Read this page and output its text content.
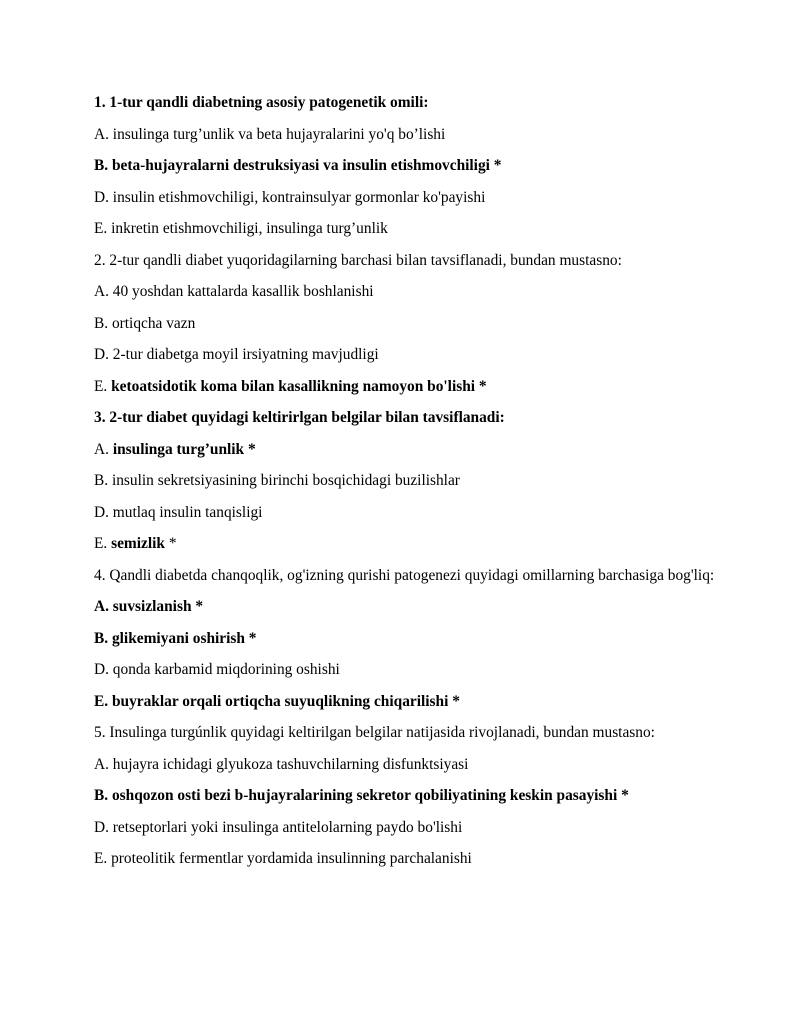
1. 1-tur qandli diabetning asosiy patogenetik omili:

A. insulinga turg’unlik va beta hujayralarini yo'q bo’lishi

B. beta-hujayralarni destruksiyasi va insulin etishmovchiligi *

D. insulin etishmovchiligi, kontrainsulyar gormonlar ko'payishi

E. inkretin etishmovchiligi, insulinga turg’unlik

2. 2-tur qandli diabet yuqoridagilarning barchasi bilan tavsiflanadi, bundan mustasno:

A. 40 yoshdan kattalarda kasallik boshlanishi

B. ortiqcha vazn

D. 2-tur diabetga moyil irsiyatning mavjudligi

E. ketoatsidotik koma bilan kasallikning namoyon bo'lishi *

3. 2-tur diabet quyidagi keltirirlgan belgilar bilan tavsiflanadi:

A. insulinga turg’unlik *

B. insulin sekretsiyasining birinchi bosqichidagi buzilishlar

D. mutlaq insulin tanqisligi

E. semizlik *

4. Qandli diabetda chanqoqlik, og'izning qurishi patogenezi quyidagi omillarning barchasiga bog'liq:

A. suvsizlanish *

B. glikemiyani oshirish *

D. qonda karbamid miqdorining oshishi

E. buyraklar orqali ortiqcha suyuqlikning chiqarilishi *

5. Insulinga turgúnlik quyidagi keltirilgan belgilar natijasida rivojlanadi, bundan mustasno:

A. hujayra ichidagi glyukoza tashuvchilarning disfunktsiyasi

B. oshqozon osti bezi b-hujayralarining sekretor qobiliyatining keskin pasayishi *

D. retseptorlari yoki insulinga antitelolarning paydo bo'lishi

E. proteolitik fermentlar yordamida insulinning parchalanishi
